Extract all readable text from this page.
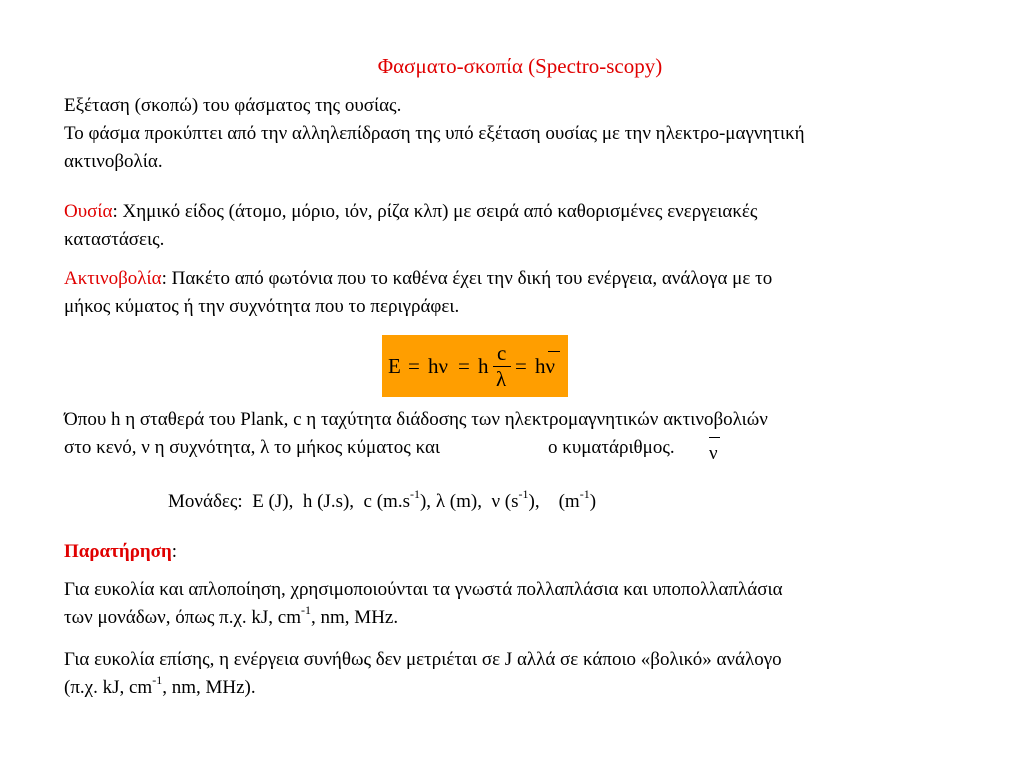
Φασματο-σκοπία (Spectro-scopy)
Εξέταση (σκοπώ) του φάσματος της ουσίας.
Το φάσμα προκύπτει από την αλληλεπίδραση της υπό εξέταση ουσίας με την ηλεκτρο-μαγνητική
ακτινοβολία.
Ουσία: Χημικό είδος (άτομο, μόριο, ιόν, ρίζα κλπ) με σειρά από καθορισμένες ενεργειακές
καταστάσεις.
Ακτινοβολία: Πακέτο από φωτόνια που το καθένα έχει την δική του ενέργεια, ανάλογα με το
μήκος κύματος ή την συχνότητα που το περιγράφει.
E = hν = h
c
λ
= hν
Όπου h η σταθερά του Plank, c η ταχύτητα διάδοσης των ηλεκτρομαγνητικών ακτινοβολιών
στο κενό, ν η συχνότητα, λ το μήκος κύματος και	ο κυματάριθμος. ν
Μονάδες: E (J), h (J.s), c $(m.s^{-1})$, λ (m), ν $(s^{-1})$, $(m^{-1})$
Παρατήρηση:
Για ευκολία και απλοποίηση, χρησιμοποιούνται τα γνωστά πολλαπλάσια και υποπολλαπλάσια
των μονάδων, όπως π.χ. kJ, $cm^{-1}$, nm, MHz.
Για ευκολία επίσης, η ενέργεια συνήθως δεν μετριέται σε J αλλά σε κάποιο «βολικό» ανάλογο
(π.χ. kJ, $cm^{-1}$, nm, MHz).
